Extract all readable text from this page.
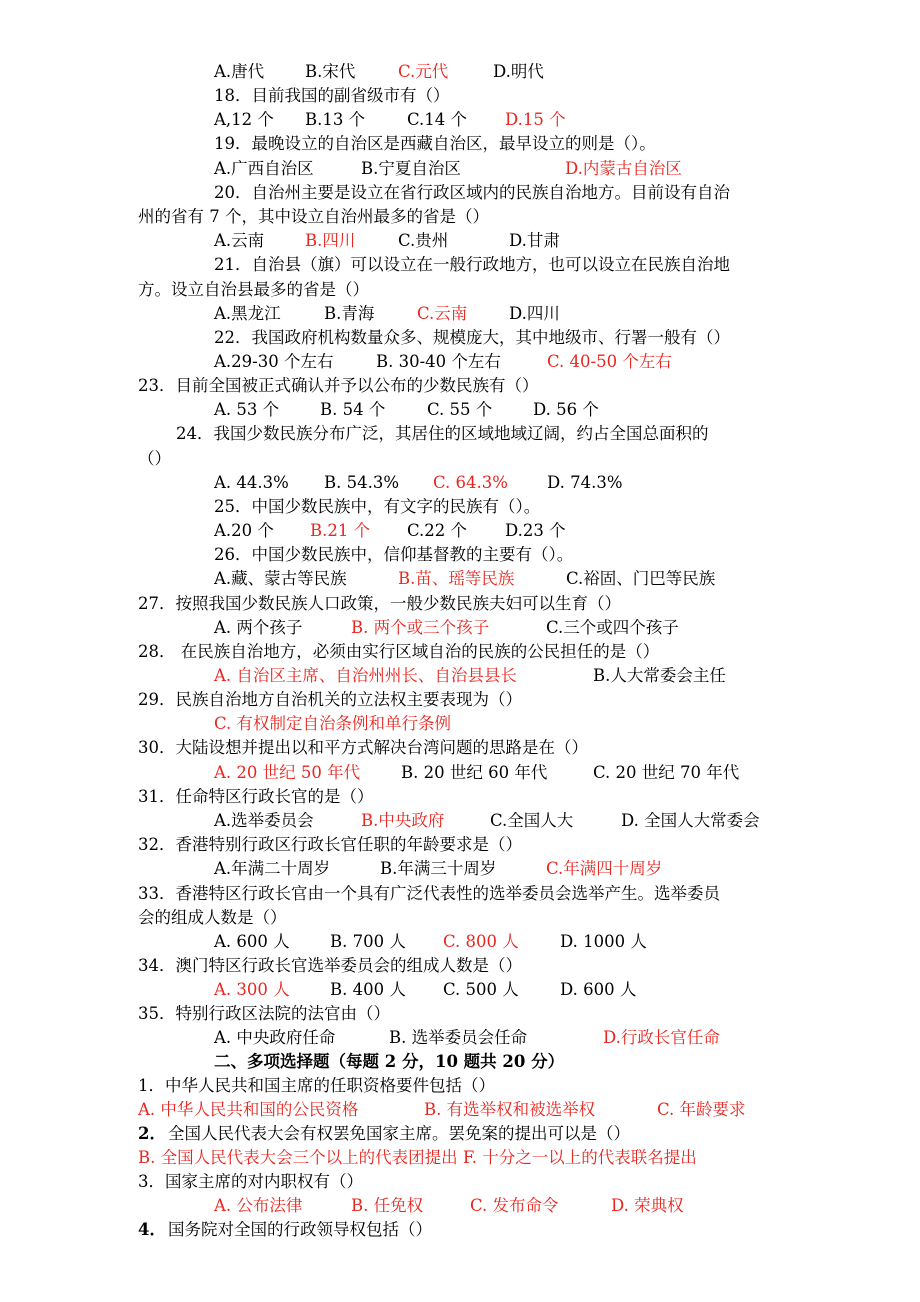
A.唐代 B.宋代	C.元代	D.明代
18．目前我国的副省级市有（）
A,12 个 B.13 个	C.14 个 D.15 个
19．最晚设立的自治区是西藏自治区，最早设立的则是（）。
A.广西自治区	B.宁夏自治区	D.内蒙古自治区
20．自治州主要是设立在省行政区域内的民族自治地方。目前设有自治
州的省有 7 个，其中设立自治州最多的省是（）
A.云南 B.四川	C.贵州	D.甘肃
21．自治县（旗）可以设立在一般行政地方，也可以设立在民族自治地
方。设立自治县最多的省是（）
A.黑龙江	B.青海	C.云南	D.四川
22．我国政府机构数量众多、规模庞大，其中地级市、行署一般有（）
A.29-30 个左右	B. 30-40 个左右	C. 40-50 个左右
23．目前全国被正式确认并予以公布的少数民族有（）
A. 53 个 B. 54 个	C. 55 个 D. 56 个
24．我国少数民族分布广泛，其居住的区域地域辽阔，约占全国总面积的
（）
A. 44.3% B. 54.3% C. 64.3% D. 74.3%
25．中国少数民族中，有文字的民族有（）。
A.20 个 B.21 个 C.22 个 D.23 个
26．中国少数民族中，信仰基督教的主要有（）。
A.藏、蒙古等民族	B.苗、瑶等民族	C.裕固、门巴等民族
27．按照我国少数民族人口政策，一般少数民族夫妇可以生育（）
A. 两个孩子	B. 两个或三个孩子	C.三个或四个孩子
28． 在民族自治地方，必须由实行区域自治的民族的公民担任的是（）
A. 自治区主席、自治州州长、自治县县长	B.人大常委会主任
29．民族自治地方自治机关的立法权主要表现为（）
C. 有权制定自治条例和单行条例
30．大陆设想并提出以和平方式解决台湾问题的思路是在（）
A. 20 世纪 50 年代 B. 20 世纪 60 年代	C. 20 世纪 70 年代
31．任命特区行政长官的是（）
A.选举委员会	B.中央政府	C.全国人大	D. 全国人大常委会
32．香港特别行政区行政长官任职的年龄要求是（）
A.年满二十周岁	B.年满三十周岁	C.年满四十周岁
33．香港特区行政长官由一个具有广泛代表性的选举委员会选举产生。选举委员
会的组成人数是（）
A. 600 人 B. 700 人 C. 800 人 D. 1000 人
34．澳门特区行政长官选举委员会的组成人数是（）
A. 300 人 B. 400 人 C. 500 人 D. 600 人
35．特别行政区法院的法官由（）
A. 中央政府任命	B. 选举委员会任命	D.行政长官任命
二、多项选择题（每题 2 分，10 题共 20 分）
1．中华人民共和国主席的任职资格要件包括（）
A. 中华人民共和国的公民资格	B. 有选举权和被选举权	C. 年龄要求
2． 全国人民代表大会有权罢免国家主席。罢免案的提出可以是（）
B. 全国人民代表大会三个以上的代表团提出 F. 十分之一以上的代表联名提出
3．国家主席的对内职权有（）
A. 公布法律	B. 任免权	C. 发布命令	D. 荣典权
4． 国务院对全国的行政领导权包括（）
